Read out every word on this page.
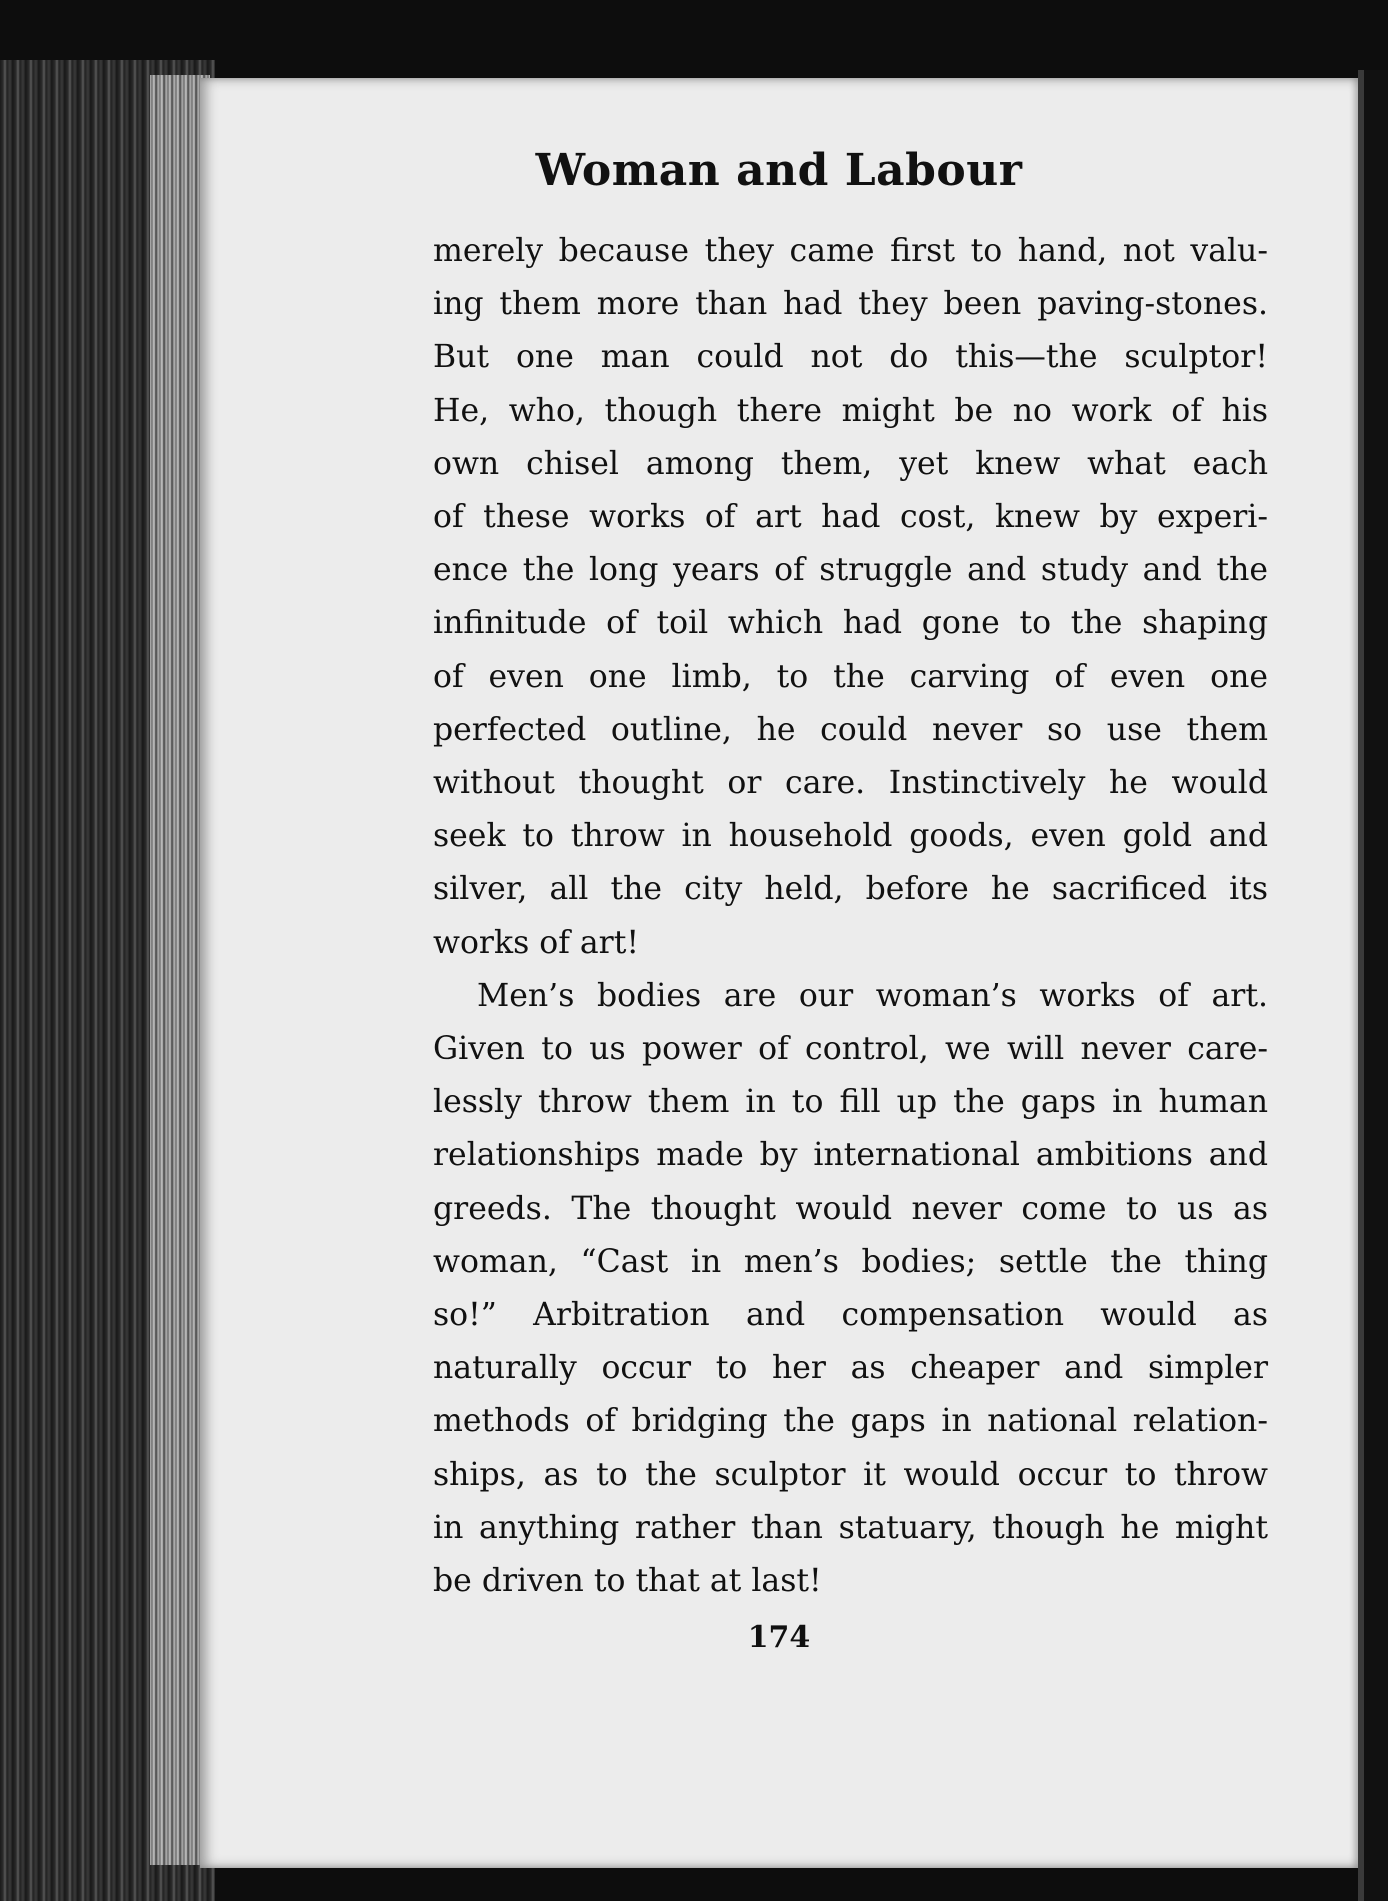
Woman and Labour

merely because they came first to hand, not valu-
ing them more than had they been paving-stones.
But one man could not do this—the sculptor!
He, who, though there might be no work of his
own chisel among them, yet knew what each
of these works of art had cost, knew by experi-
ence the long years of struggle and study and the
infinitude of toil which had gone to the shaping
of even one limb, to the carving of even one
perfected outline, he could never so use them
without thought or care. Instinctively he would
seek to throw in household goods, even gold and
silver, all the city held, before he sacrificed its
works of art!

Men’s bodies are our woman’s works of art.
Given to us power of control, we will never care-
lessly throw them in to fill up the gaps in human
relationships made by international ambitions and
greeds. The thought would never come to us as
woman, “Cast in men’s bodies; settle the thing
so!” Arbitration and compensation would as
naturally occur to her as cheaper and simpler
methods of bridging the gaps in national relation-
ships, as to the sculptor it would occur to throw
in anything rather than statuary, though he might
be driven to that at last!

174
